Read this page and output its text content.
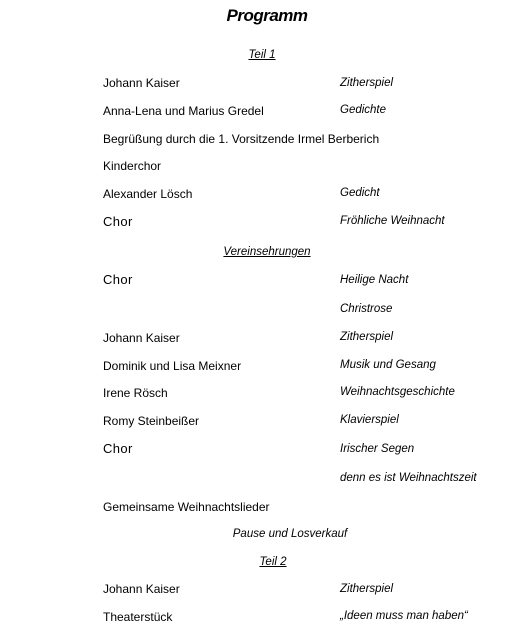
Programm
Teil 1
Johann Kaiser	Zitherspiel
Anna-Lena und Marius Gredel	Gedichte
Begrüßung durch die 1. Vorsitzende Irmel Berberich
Kinderchor
Alexander Lösch	Gedicht
Chor	Fröhliche Weihnacht
Vereinsehrungen
Chor	Heilige Nacht
Christrose
Johann Kaiser	Zitherspiel
Dominik und Lisa Meixner	Musik und Gesang
Irene Rösch	Weihnachtsgeschichte
Romy Steinbeißer	Klavierspiel
Chor	Irischer Segen
denn es ist Weihnachtszeit
Gemeinsame Weihnachtslieder
Pause und Losverkauf
Teil 2
Johann Kaiser	Zitherspiel
Theaterstück	„Ideen muss man haben“
